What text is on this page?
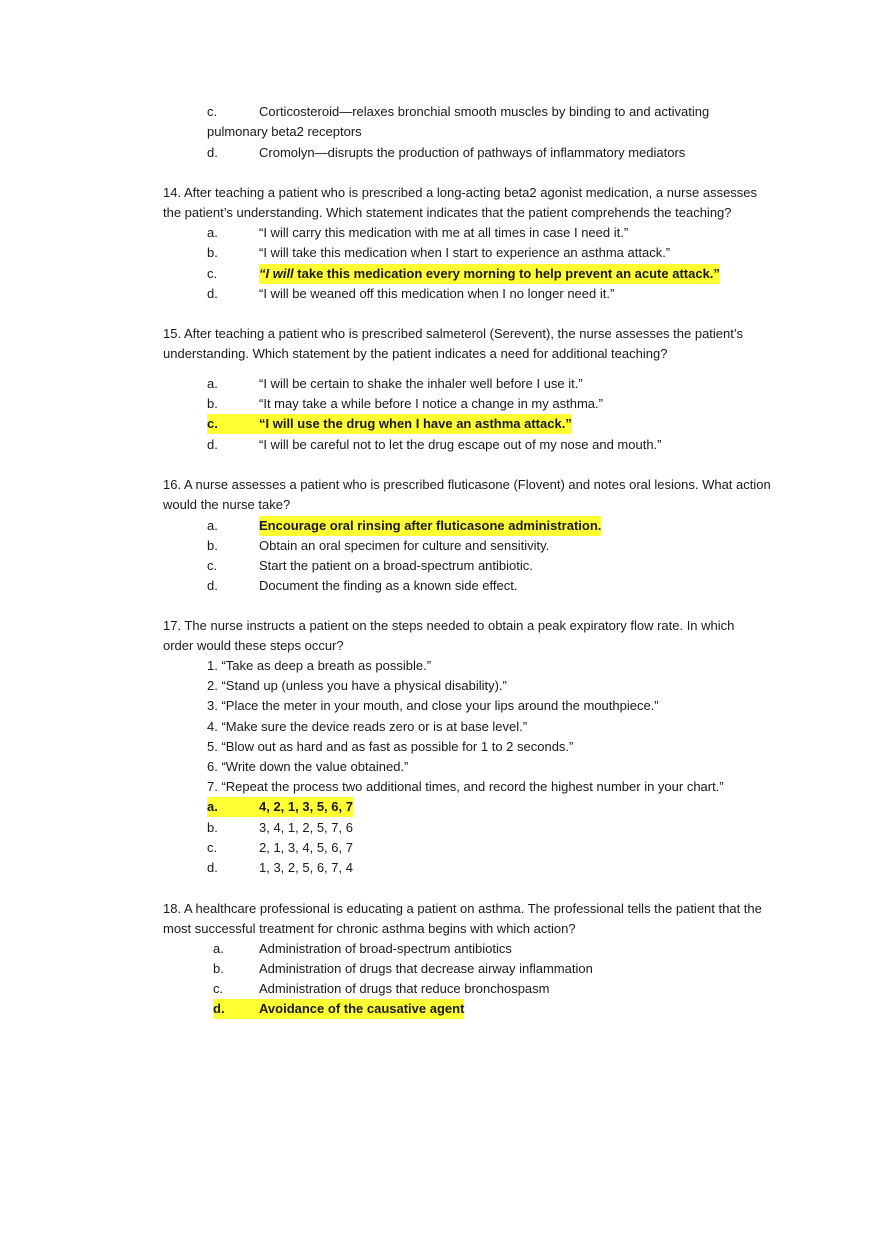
c.	Corticosteroid—relaxes bronchial smooth muscles by binding to and activating
pulmonary beta2 receptors
d.	Cromolyn—disrupts the production of pathways of inflammatory mediators
14. After teaching a patient who is prescribed a long-acting beta2 agonist medication, a nurse assesses
the patient’s understanding. Which statement indicates that the patient comprehends the teaching?
a.	“I will carry this medication with me at all times in case I need it.”
b.	“I will take this medication when I start to experience an asthma attack.”
c.	“I will take this medication every morning to help prevent an acute attack.”
d.	“I will be weaned off this medication when I no longer need it.”
15. After teaching a patient who is prescribed salmeterol (Serevent), the nurse assesses the patient’s
understanding. Which statement by the patient indicates a need for additional teaching?
a.	“I will be certain to shake the inhaler well before I use it.”
b.	“It may take a while before I notice a change in my asthma.”
c.	“I will use the drug when I have an asthma attack.”
d.	“I will be careful not to let the drug escape out of my nose and mouth.”
16. A nurse assesses a patient who is prescribed fluticasone (Flovent) and notes oral lesions. What action
would the nurse take?
a.	Encourage oral rinsing after fluticasone administration.
b.	Obtain an oral specimen for culture and sensitivity.
c.	Start the patient on a broad-spectrum antibiotic.
d.	Document the finding as a known side effect.
17. The nurse instructs a patient on the steps needed to obtain a peak expiratory flow rate. In which
order would these steps occur?
1. “Take as deep a breath as possible.”
2. “Stand up (unless you have a physical disability).”
3. “Place the meter in your mouth, and close your lips around the mouthpiece.”
4. “Make sure the device reads zero or is at base level.”
5. “Blow out as hard and as fast as possible for 1 to 2 seconds.”
6. “Write down the value obtained.”
7. “Repeat the process two additional times, and record the highest number in your chart.”
a.	4, 2, 1, 3, 5, 6, 7
b.	3, 4, 1, 2, 5, 7, 6
c.	2, 1, 3, 4, 5, 6, 7
d.	1, 3, 2, 5, 6, 7, 4
18. A healthcare professional is educating a patient on asthma. The professional tells the patient that the
most successful treatment for chronic asthma begins with which action?
a.	Administration of broad-spectrum antibiotics
b.	Administration of drugs that decrease airway inflammation
c.	Administration of drugs that reduce bronchospasm
d.	Avoidance of the causative agent
